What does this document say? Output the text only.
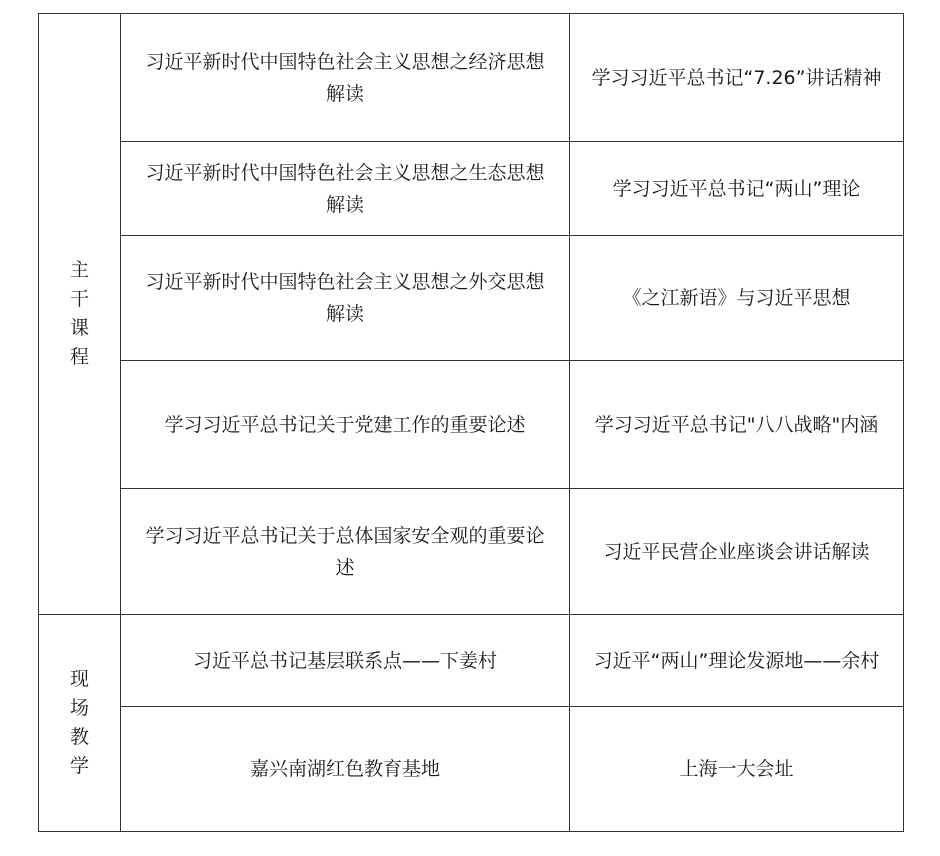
主干课程	习近平新时代中国特色社会主义思想之经济思想解读	学习习近平总书记“7.26”讲话精神
	习近平新时代中国特色社会主义思想之生态思想解读	学习习近平总书记“两山”理论
	习近平新时代中国特色社会主义思想之外交思想解读	《之江新语》与习近平思想
	学习习近平总书记关于党建工作的重要论述	学习习近平总书记"八八战略"内涵
	学习习近平总书记关于总体国家安全观的重要论述	习近平民营企业座谈会讲话解读
现场教学	习近平总书记基层联系点——下姜村	习近平“两山”理论发源地——余村
	嘉兴南湖红色教育基地	上海一大会址
